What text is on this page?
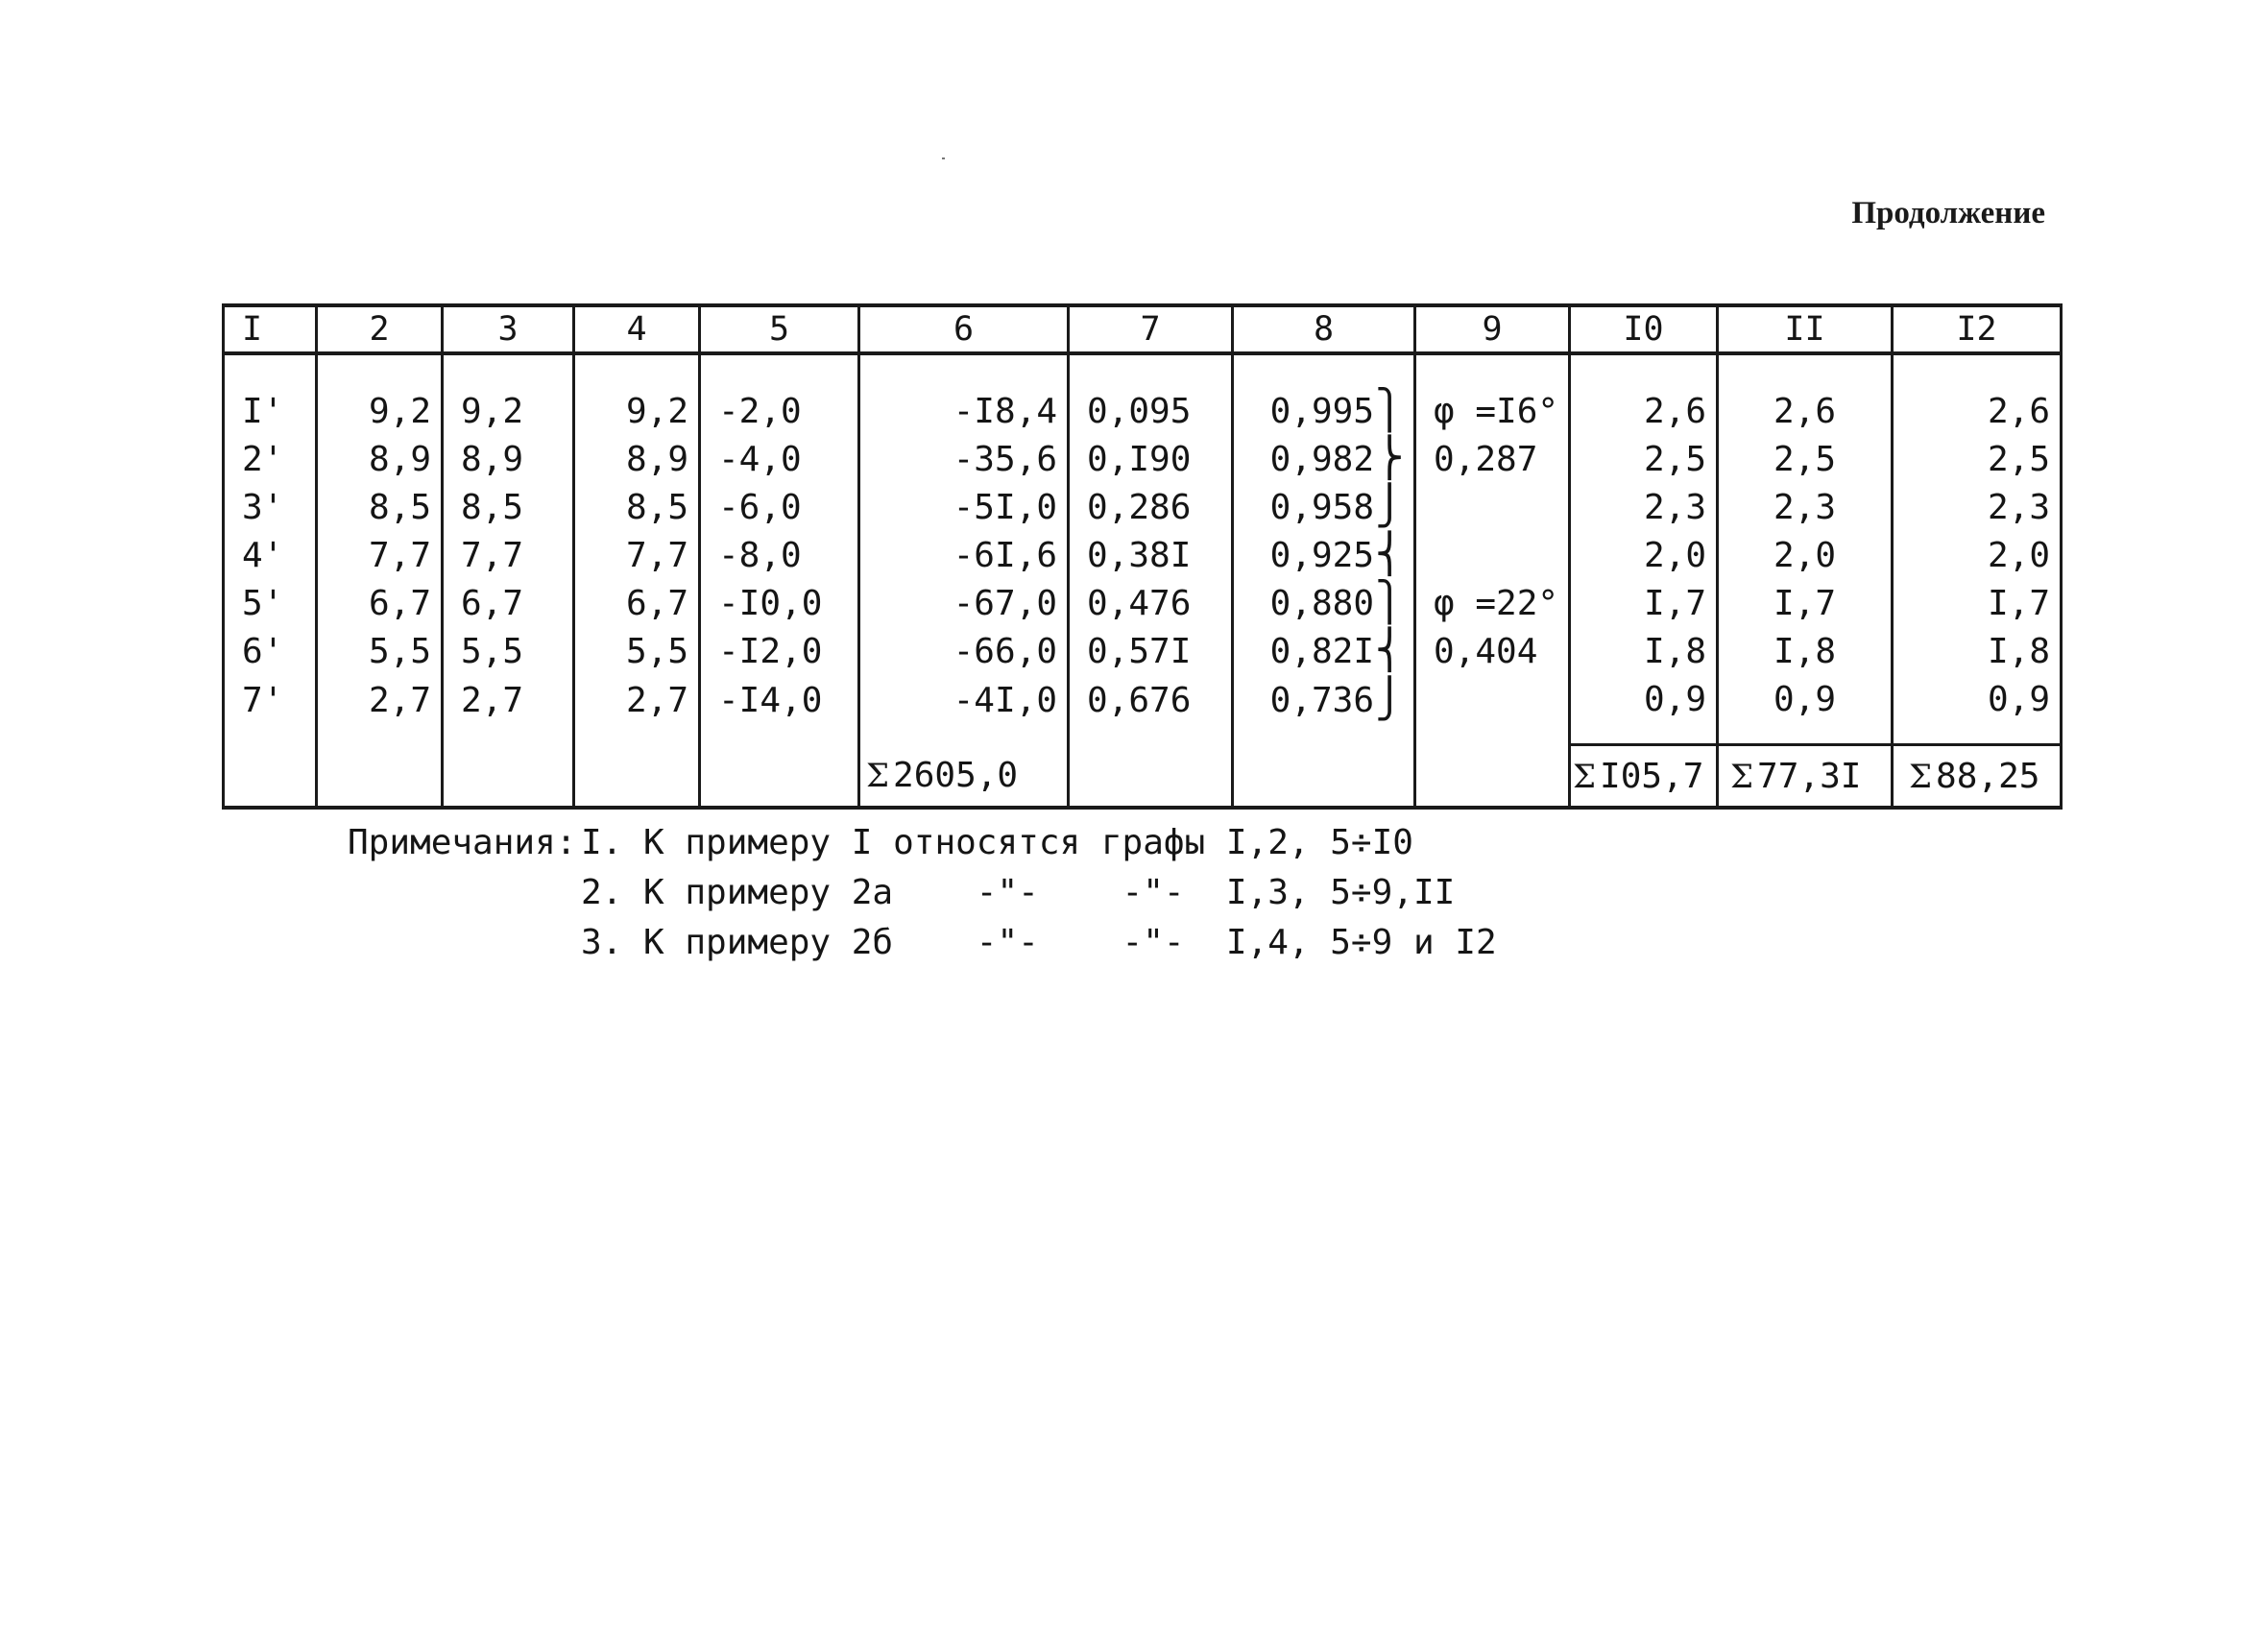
Продолжение
I	2	3	4	5	6	7	8	9	I0	II	I2
I'	9,2	9,2	9,2	-2,0	-I8,4	0,095	0,995⎫	φ =I6°	2,6	2,6	2,6
2'	8,9	8,9	8,9	-4,0	-35,6	0,I90	0,982⎬	0,287	2,5	2,5	2,5
3'	8,5	8,5	8,5	-6,0	-5I,0	0,286	0,958⎭		2,3	2,3	2,3
4'	7,7	7,7	7,7	-8,0	-6I,6	0,38I	0,925⎨		2,0	2,0	2,0
5'	6,7	6,7	6,7	-I0,0	-67,0	0,476	0,880⎫	φ =22°	I,7	I,7	I,7
6'	5,5	5,5	5,5	-I2,0	-66,0	0,57I	0,82I⎨	0,404	I,8	I,8	I,8
7'	2,7	2,7	2,7	-I4,0	-4I,0	0,676	0,736⎭		0,9	0,9	0,9
					Σ 2605,0				Σ I05,7	Σ 77,3I	Σ 88,25
Примечания: I. К примеру I относятся графы I,2, 5÷I0
2. К примеру 2а    -"-    -"-  I,3, 5÷9,II
3. К примеру 2б    -"-    -"-  I,4, 5÷9 и I2
